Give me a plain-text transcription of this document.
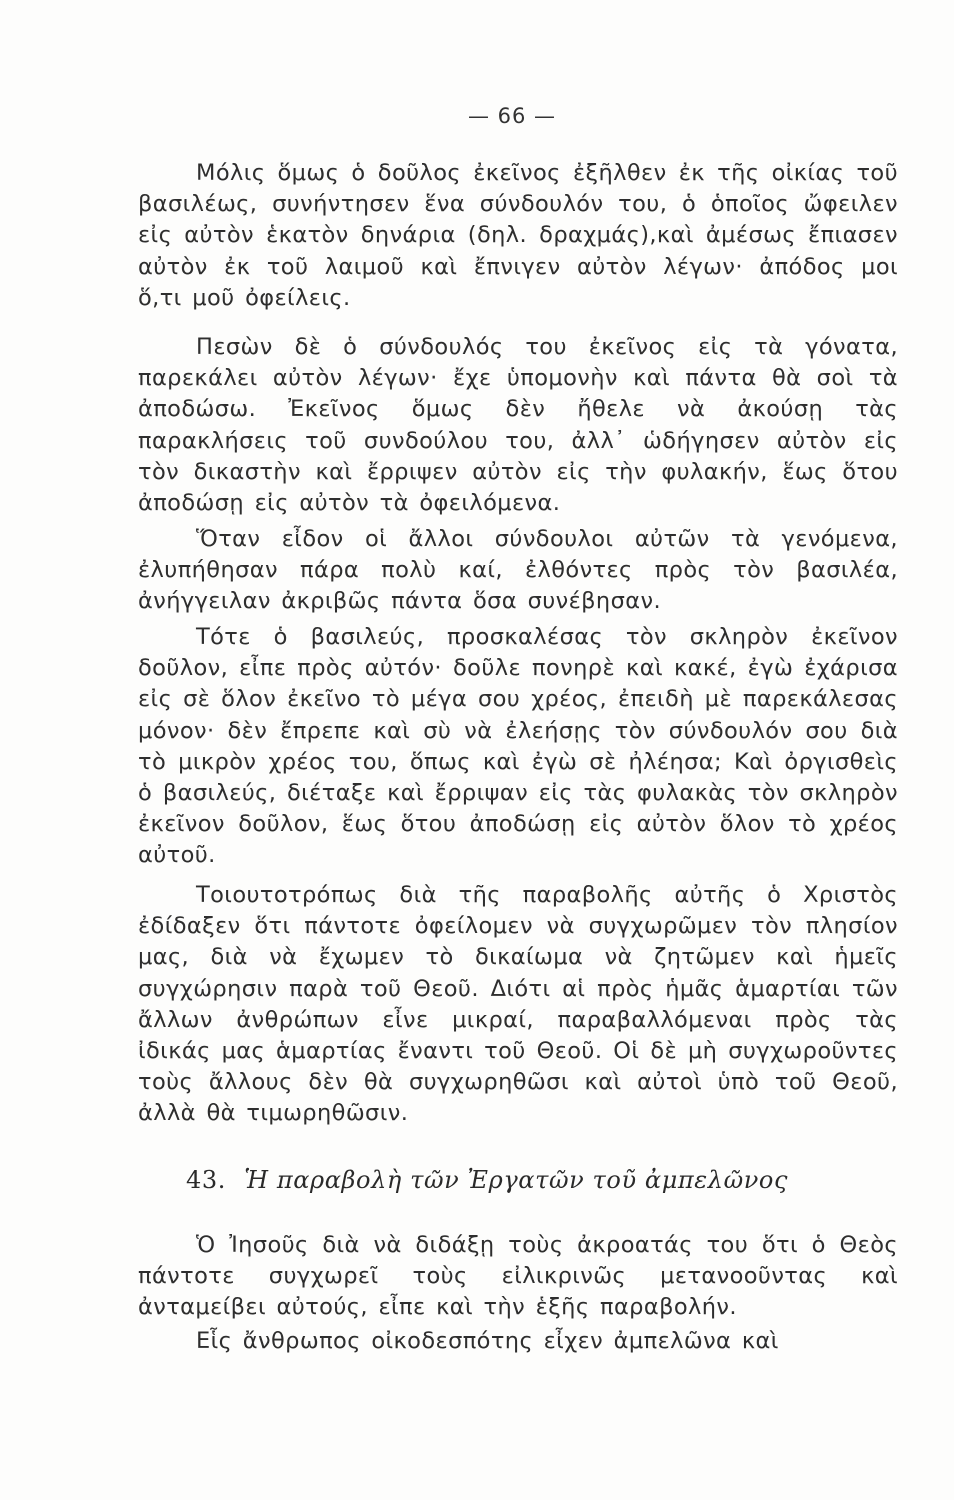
— 66 —

Μόλις ὅμως ὁ δοῦλος ἐκεῖνος ἐξῆλθεν ἐκ τῆς οἰκίας τοῦ βασιλέως, συνήντησεν ἕνα σύνδουλόν του, ὁ ὁποῖος ὤφειλεν εἰς αὐτὸν ἑκατὸν δηνάρια (δηλ. δραχμάς),καὶ ἀμέσως ἔπιασεν αὐτὸν ἐκ τοῦ λαιμοῦ καὶ ἔπνιγεν αὐτὸν λέγων· ἀπόδος μοι ὅ,τι μοῦ ὀφείλεις.

Πεσὼν δὲ ὁ σύνδουλός του ἐκεῖνος εἰς τὰ γόνατα, παρεκάλει αὐτὸν λέγων· ἔχε ὑπομονὴν καὶ πάντα θὰ σοὶ τὰ ἀποδώσω. Ἐκεῖνος ὅμως δὲν ἤθελε νὰ ἀκούσῃ τὰς παρακλήσεις τοῦ συνδούλου του, ἀλλ᾽ ὡδήγησεν αὐτὸν εἰς τὸν δικαστὴν καὶ ἔρριψεν αὐτὸν εἰς τὴν φυλακήν, ἕως ὅτου ἀποδώσῃ εἰς αὐτὸν τὰ ὀφειλόμενα.

Ὅταν εἶδον οἱ ἄλλοι σύνδουλοι αὐτῶν τὰ γενόμενα, ἐλυπήθησαν πάρα πολὺ καί, ἐλθόντες πρὸς τὸν βασιλέα, ἀνήγγειλαν ἀκριβῶς πάντα ὅσα συνέβησαν.

Τότε ὁ βασιλεύς, προσκαλέσας τὸν σκληρὸν ἐκεῖνον δοῦλον, εἶπε πρὸς αὐτόν· δοῦλε πονηρὲ καὶ κακέ, ἐγὼ ἐχάρισα εἰς σὲ ὅλον ἐκεῖνο τὸ μέγα σου χρέος, ἐπειδὴ μὲ παρεκάλεσας μόνον· δὲν ἔπρεπε καὶ σὺ νὰ ἐλεήσῃς τὸν σύνδουλόν σου διὰ τὸ μικρὸν χρέος του, ὅπως καὶ ἐγὼ σὲ ἠλέησα; Καὶ ὀργισθεὶς ὁ βασιλεύς, διέταξε καὶ ἔρριψαν εἰς τὰς φυλακὰς τὸν σκληρὸν ἐκεῖνον δοῦλον, ἕως ὅτου ἀποδώσῃ εἰς αὐτὸν ὅλον τὸ χρέος αὐτοῦ.

Τοιουτοτρόπως διὰ τῆς παραβολῆς αὐτῆς ὁ Χριστὸς ἐδίδαξεν ὅτι πάντοτε ὀφείλομεν νὰ συγχωρῶμεν τὸν πλησίον μας, διὰ νὰ ἔχωμεν τὸ δικαίωμα νὰ ζητῶμεν καὶ ἡμεῖς συγχώρησιν παρὰ τοῦ Θεοῦ. Διότι αἱ πρὸς ἡμᾶς ἁμαρτίαι τῶν ἄλλων ἀνθρώπων εἶνε μικραί, παραβαλλόμεναι πρὸς τὰς ἰδικάς μας ἁμαρτίας ἔναντι τοῦ Θεοῦ. Οἱ δὲ μὴ συγχωροῦντες τοὺς ἄλλους δὲν θὰ συγχωρηθῶσι καὶ αὐτοὶ ὑπὸ τοῦ Θεοῦ, ἀλλὰ θὰ τιμωρηθῶσιν.

43. Ἡ παραβολὴ τῶν Ἐργατῶν τοῦ ἀμπελῶνος

Ὁ Ἰησοῦς διὰ νὰ διδάξῃ τοὺς ἀκροατάς του ὅτι ὁ Θεὸς πάντοτε συγχωρεῖ τοὺς εἰλικρινῶς μετανοοῦντας καὶ ἀνταμείβει αὐτούς, εἶπε καὶ τὴν ἑξῆς παραβολήν.

Εἷς ἄνθρωπος οἰκοδεσπότης εἶχεν ἀμπελῶνα καὶ
